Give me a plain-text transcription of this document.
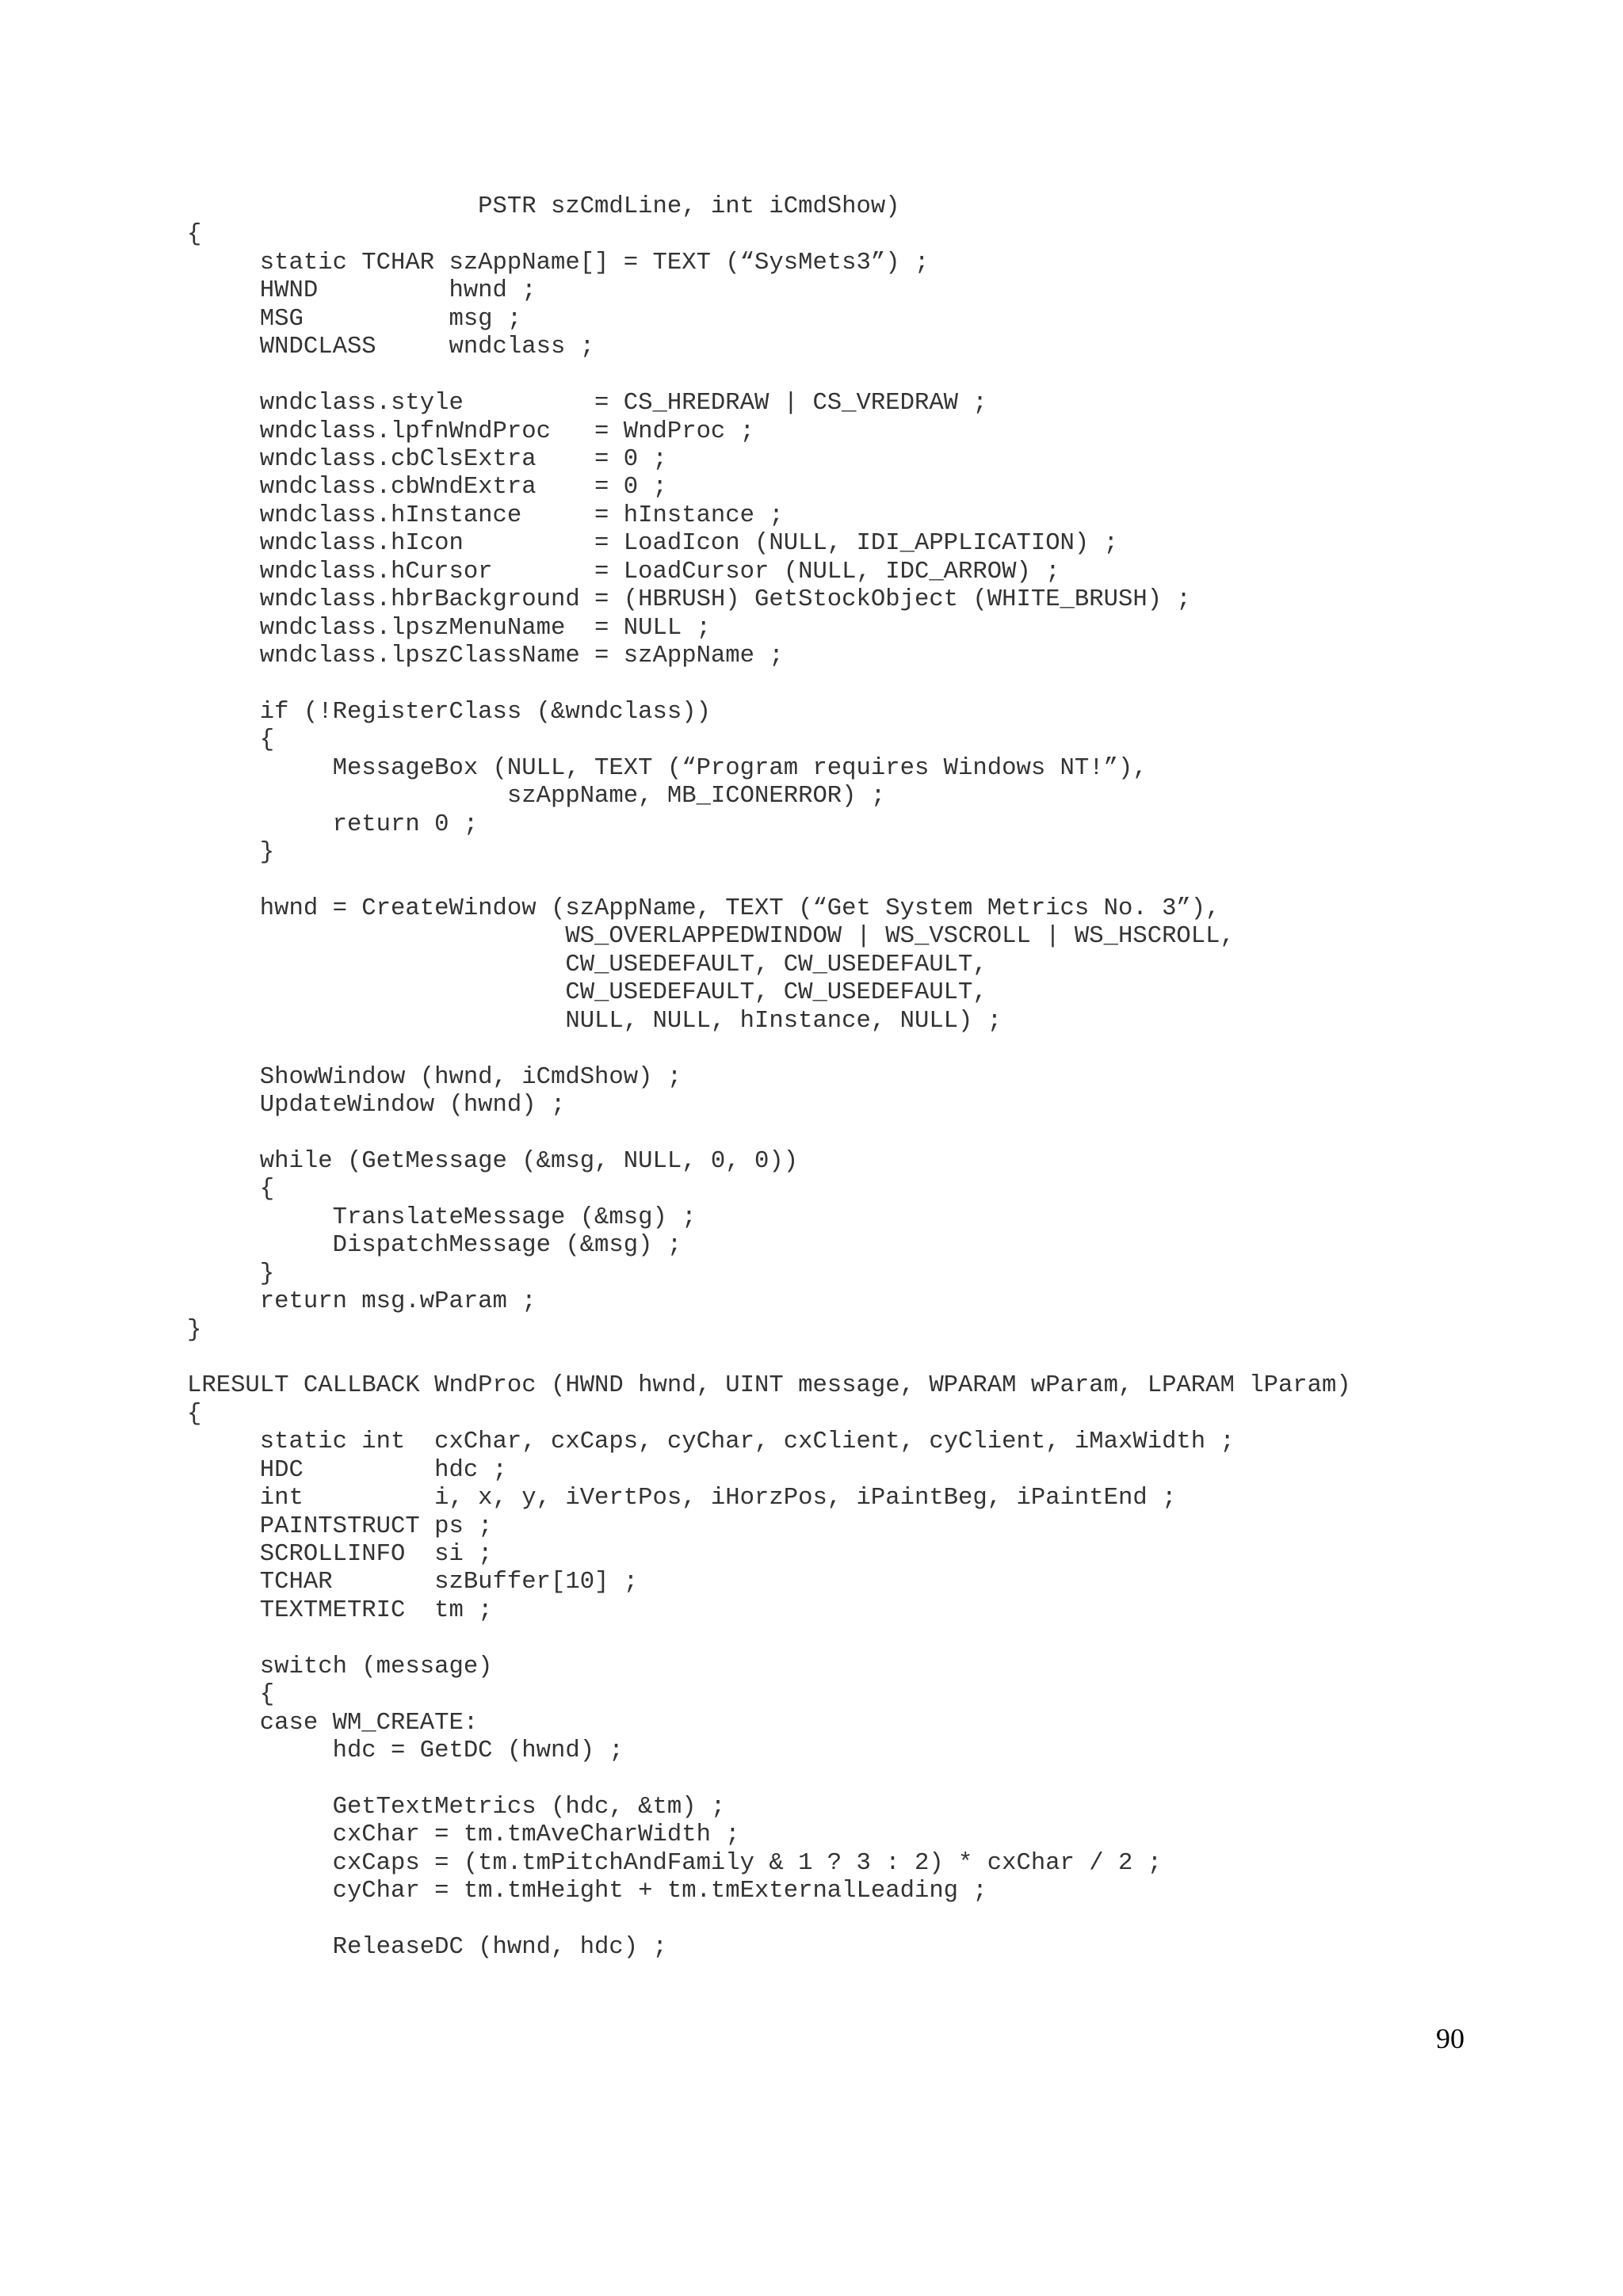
PSTR szCmdLine, int iCmdShow)
{
static TCHAR szAppName[] = TEXT (“SysMets3”) ;
HWND         hwnd ;
MSG          msg ;
WNDCLASS     wndclass ;

wndclass.style         = CS_HREDRAW | CS_VREDRAW ;
wndclass.lpfnWndProc   = WndProc ;
wndclass.cbClsExtra    = 0 ;
wndclass.cbWndExtra    = 0 ;
wndclass.hInstance     = hInstance ;
wndclass.hIcon         = LoadIcon (NULL, IDI_APPLICATION) ;
wndclass.hCursor       = LoadCursor (NULL, IDC_ARROW) ;
wndclass.hbrBackground = (HBRUSH) GetStockObject (WHITE_BRUSH) ;
wndclass.lpszMenuName  = NULL ;
wndclass.lpszClassName = szAppName ;

if (!RegisterClass (&wndclass))
{
MessageBox (NULL, TEXT (“Program requires Windows NT!”),
szAppName, MB_ICONERROR) ;
return 0 ;
}

hwnd = CreateWindow (szAppName, TEXT (“Get System Metrics No. 3”),
WS_OVERLAPPEDWINDOW | WS_VSCROLL | WS_HSCROLL,
CW_USEDEFAULT, CW_USEDEFAULT,
CW_USEDEFAULT, CW_USEDEFAULT,
NULL, NULL, hInstance, NULL) ;

ShowWindow (hwnd, iCmdShow) ;
UpdateWindow (hwnd) ;

while (GetMessage (&msg, NULL, 0, 0))
{
TranslateMessage (&msg) ;
DispatchMessage (&msg) ;
}
return msg.wParam ;
}

LRESULT CALLBACK WndProc (HWND hwnd, UINT message, WPARAM wParam, LPARAM lParam)
{
static int  cxChar, cxCaps, cyChar, cxClient, cyClient, iMaxWidth ;
HDC         hdc ;
int         i, x, y, iVertPos, iHorzPos, iPaintBeg, iPaintEnd ;
PAINTSTRUCT ps ;
SCROLLINFO  si ;
TCHAR       szBuffer[10] ;
TEXTMETRIC  tm ;

switch (message)
{
case WM_CREATE:
hdc = GetDC (hwnd) ;

GetTextMetrics (hdc, &tm) ;
cxChar = tm.tmAveCharWidth ;
cxCaps = (tm.tmPitchAndFamily & 1 ? 3 : 2) * cxChar / 2 ;
cyChar = tm.tmHeight + tm.tmExternalLeading ;

ReleaseDC (hwnd, hdc) ;
90
